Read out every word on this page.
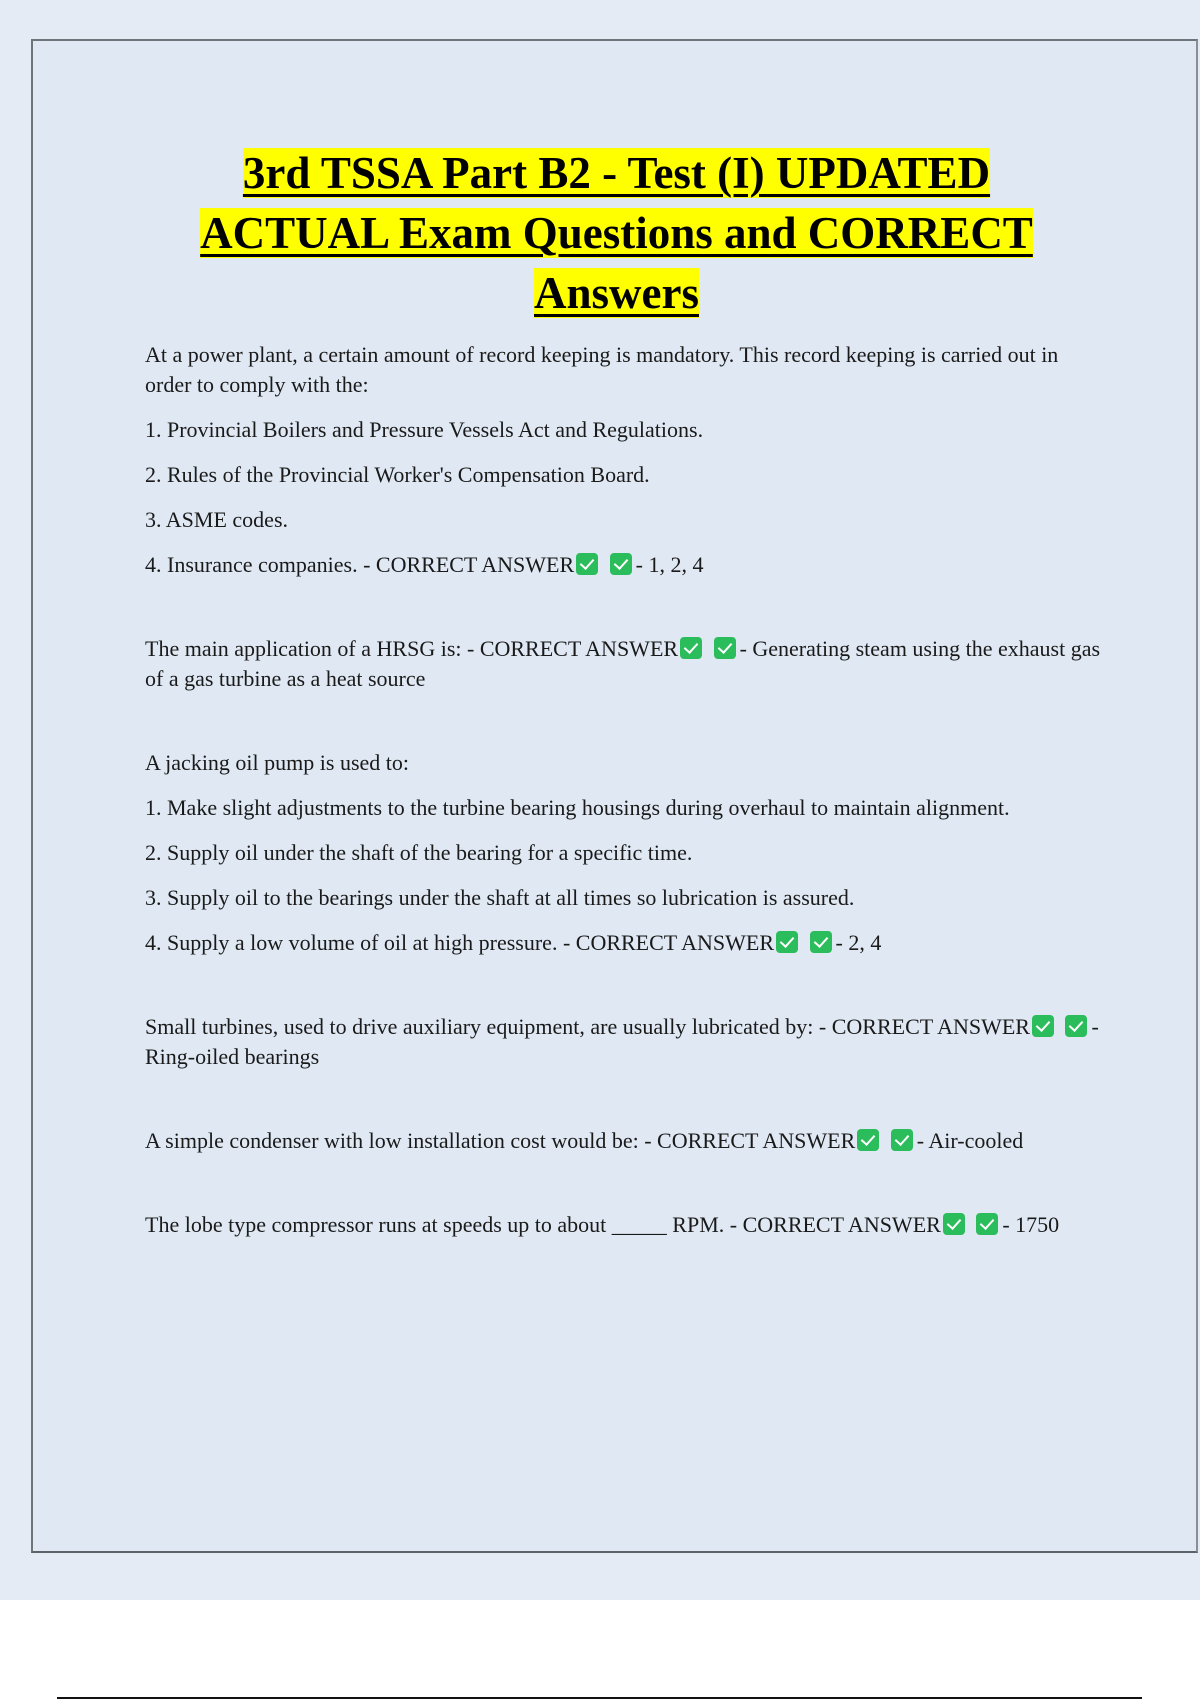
3rd TSSA Part B2 - Test (I) UPDATED
ACTUAL Exam Questions and CORRECT
Answers

At a power plant, a certain amount of record keeping is mandatory. This record keeping is carried out in order to comply with the:

1. Provincial Boilers and Pressure Vessels Act and Regulations.

2. Rules of the Provincial Worker's Compensation Board.

3. ASME codes.

4. Insurance companies. - CORRECT ANSWER	- 1, 2, 4

The main application of a HRSG is: - CORRECT ANSWER	- Generating steam using the exhaust gas of a gas turbine as a heat source

A jacking oil pump is used to:

1. Make slight adjustments to the turbine bearing housings during overhaul to maintain alignment.

2. Supply oil under the shaft of the bearing for a specific time.

3. Supply oil to the bearings under the shaft at all times so lubrication is assured.

4. Supply a low volume of oil at high pressure. - CORRECT ANSWER	- 2, 4

Small turbines, used to drive auxiliary equipment, are usually lubricated by: - CORRECT ANSWER	- Ring-oiled bearings

A simple condenser with low installation cost would be: - CORRECT ANSWER	- Air-cooled

The lobe type compressor runs at speeds up to about _____ RPM. - CORRECT ANSWER	- 1750
